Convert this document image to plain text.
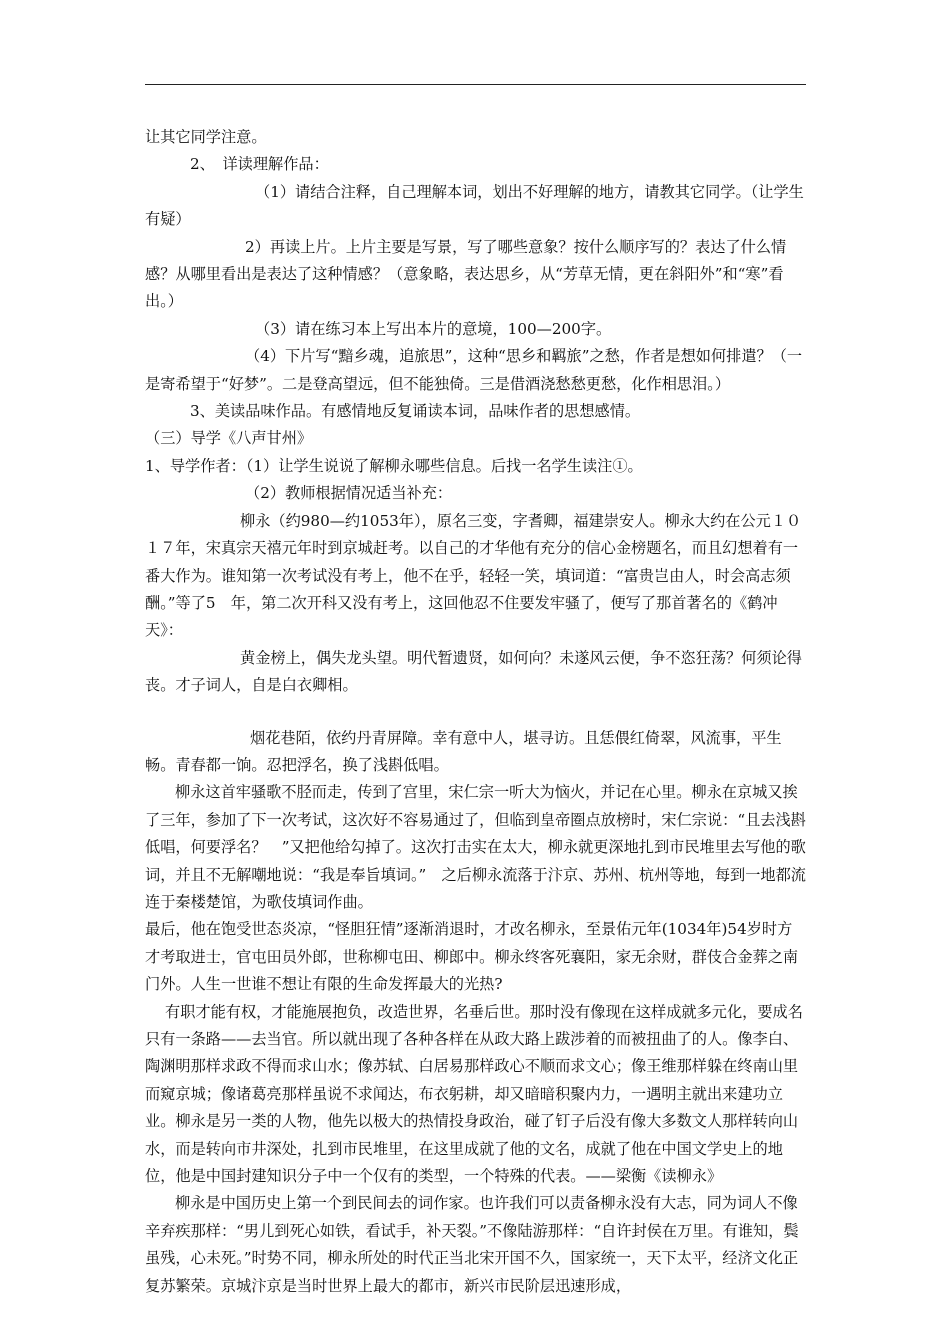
让其它同学注意。

2、　详读理解作品：

（1）请结合注释，自己理解本词，划出不好理解的地方，请教其它同学。（让学生有疑）

2）再读上片。上片主要是写景，写了哪些意象？按什么顺序写的？表达了什么情感？从哪里看出是表达了这种情感？（意象略，表达思乡，从“芳草无情，更在斜阳外”和“寒”看出。）

（3）请在练习本上写出本片的意境，100—200字。

（4）下片写“黯乡魂，追旅思”，这种“思乡和羁旅”之愁，作者是想如何排遣？（一是寄希望于“好梦”。二是登高望远，但不能独倚。三是借酒浇愁愁更愁，化作相思泪。）

3、美读品味作品。有感情地反复诵读本词，品味作者的思想感情。

（三）导学《八声甘州》

1、导学作者：（1）让学生说说了解柳永哪些信息。后找一名学生读注①。

（2）教师根据情况适当补充：

柳永（约980—约1053年），原名三变，字耆卿，福建崇安人。柳永大约在公元１０１７年，宋真宗天禧元年时到京城赶考。以自己的才华他有充分的信心金榜题名，而且幻想着有一番大作为。谁知第一次考试没有考上，他不在乎，轻轻一笑，填词道：“富贵岂由人，时会高志须酬。”等了5　年，第二次开科又没有考上，这回他忍不住要发牢骚了，便写了那首著名的《鹤冲天》：

黄金榜上，偶失龙头望。明代暂遗贤，如何向？未遂风云便，争不恣狂荡？何须论得丧。才子词人，自是白衣卿相。

烟花巷陌，依约丹青屏障。幸有意中人，堪寻访。且恁偎红倚翠，风流事，平生畅。青春都一饷。忍把浮名，换了浅斟低唱。

柳永这首牢骚歌不胫而走，传到了宫里，宋仁宗一听大为恼火，并记在心里。柳永在京城又挨了三年，参加了下一次考试，这次好不容易通过了，但临到皇帝圈点放榜时，宋仁宗说：“且去浅斟低唱，何要浮名？　”又把他给勾掉了。这次打击实在太大，柳永就更深地扎到市民堆里去写他的歌词，并且不无解嘲地说：“我是奉旨填词。”　之后柳永流落于汴京、苏州、杭州等地，每到一地都流连于秦楼楚馆，为歌伎填词作曲。

最后，他在饱受世态炎凉，“怪胆狂情”逐渐消退时，才改名柳永，至景佑元年(1034年)54岁时方才考取进士，官屯田员外郎，世称柳屯田、柳郎中。柳永终客死襄阳，家无余财，群伎合金葬之南门外。人生一世谁不想让有限的生命发挥最大的光热?

有职才能有权，才能施展抱负，改造世界，名垂后世。那时没有像现在这样成就多元化，要成名只有一条路——去当官。所以就出现了各种各样在从政大路上跋涉着的而被扭曲了的人。像李白、陶渊明那样求政不得而求山水；像苏轼、白居易那样政心不顺而求文心；像王维那样躲在终南山里而窥京城；像诸葛亮那样虽说不求闻达，布衣躬耕，却又暗暗积聚内力，一遇明主就出来建功立业。柳永是另一类的人物，他先以极大的热情投身政治，碰了钉子后没有像大多数文人那样转向山水，而是转向市井深处，扎到市民堆里，在这里成就了他的文名，成就了他在中国文学史上的地位，他是中国封建知识分子中一个仅有的类型，一个特殊的代表。——梁衡《读柳永》

柳永是中国历史上第一个到民间去的词作家。也许我们可以责备柳永没有大志，同为词人不像辛弃疾那样：“男儿到死心如铁，看试手，补天裂。”不像陆游那样：“自许封侯在万里。有谁知，鬓虽残，心未死。”时势不同，柳永所处的时代正当北宋开国不久，国家统一，天下太平，经济文化正复苏繁荣。京城汴京是当时世界上最大的都市，新兴市民阶层迅速形成，
